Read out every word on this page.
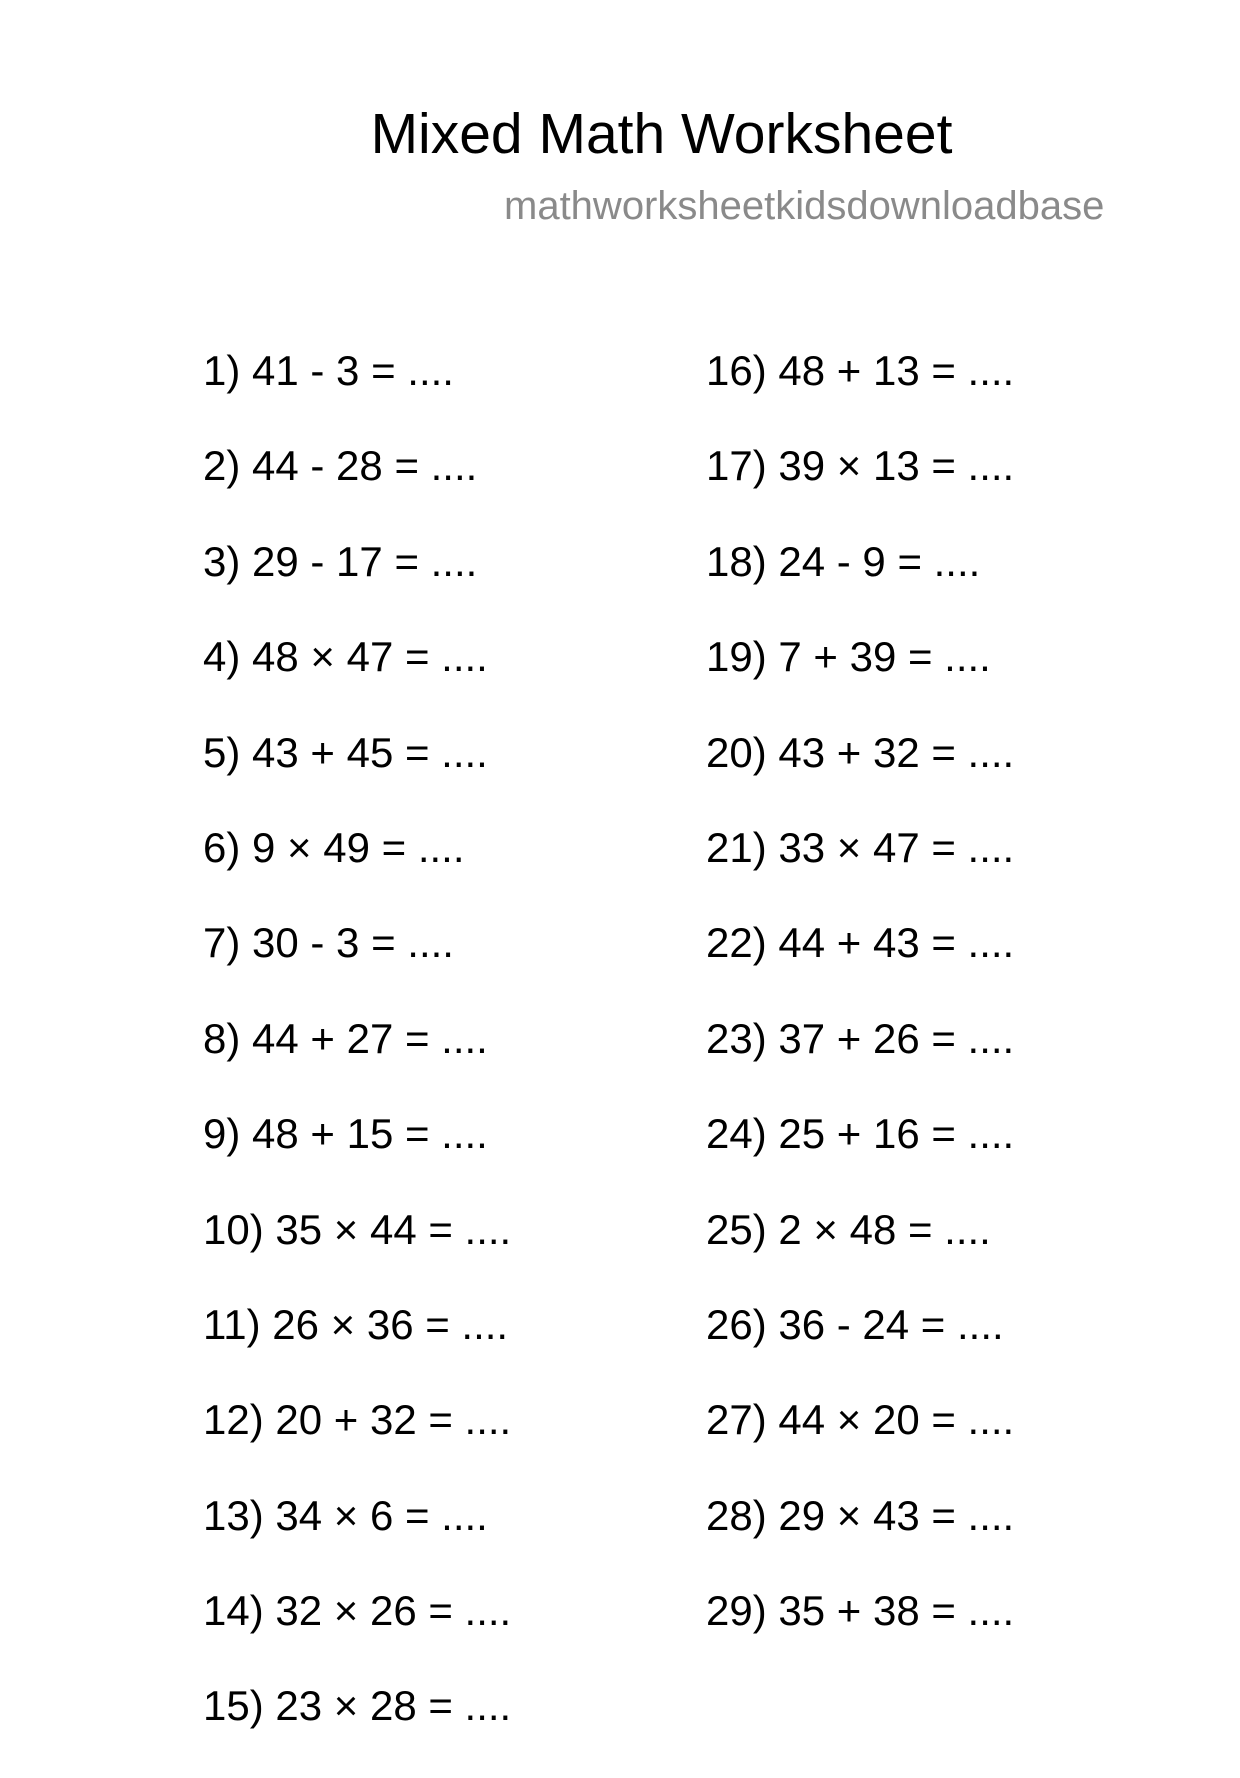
Mixed Math Worksheet
mathworksheetkidsdownloadbase
1) 41 - 3 = ....
2) 44 - 28 = ....
3) 29 - 17 = ....
4) 48 × 47 = ....
5) 43 + 45 = ....
6) 9 × 49 = ....
7) 30 - 3 = ....
8) 44 + 27 = ....
9) 48 + 15 = ....
10) 35 × 44 = ....
11) 26 × 36 = ....
12) 20 + 32 = ....
13) 34 × 6 = ....
14) 32 × 26 = ....
15) 23 × 28 = ....
16) 48 + 13 = ....
17) 39 × 13 = ....
18) 24 - 9 = ....
19) 7 + 39 = ....
20) 43 + 32 = ....
21) 33 × 47 = ....
22) 44 + 43 = ....
23) 37 + 26 = ....
24) 25 + 16 = ....
25) 2 × 48 = ....
26) 36 - 24 = ....
27) 44 × 20 = ....
28) 29 × 43 = ....
29) 35 + 38 = ....
